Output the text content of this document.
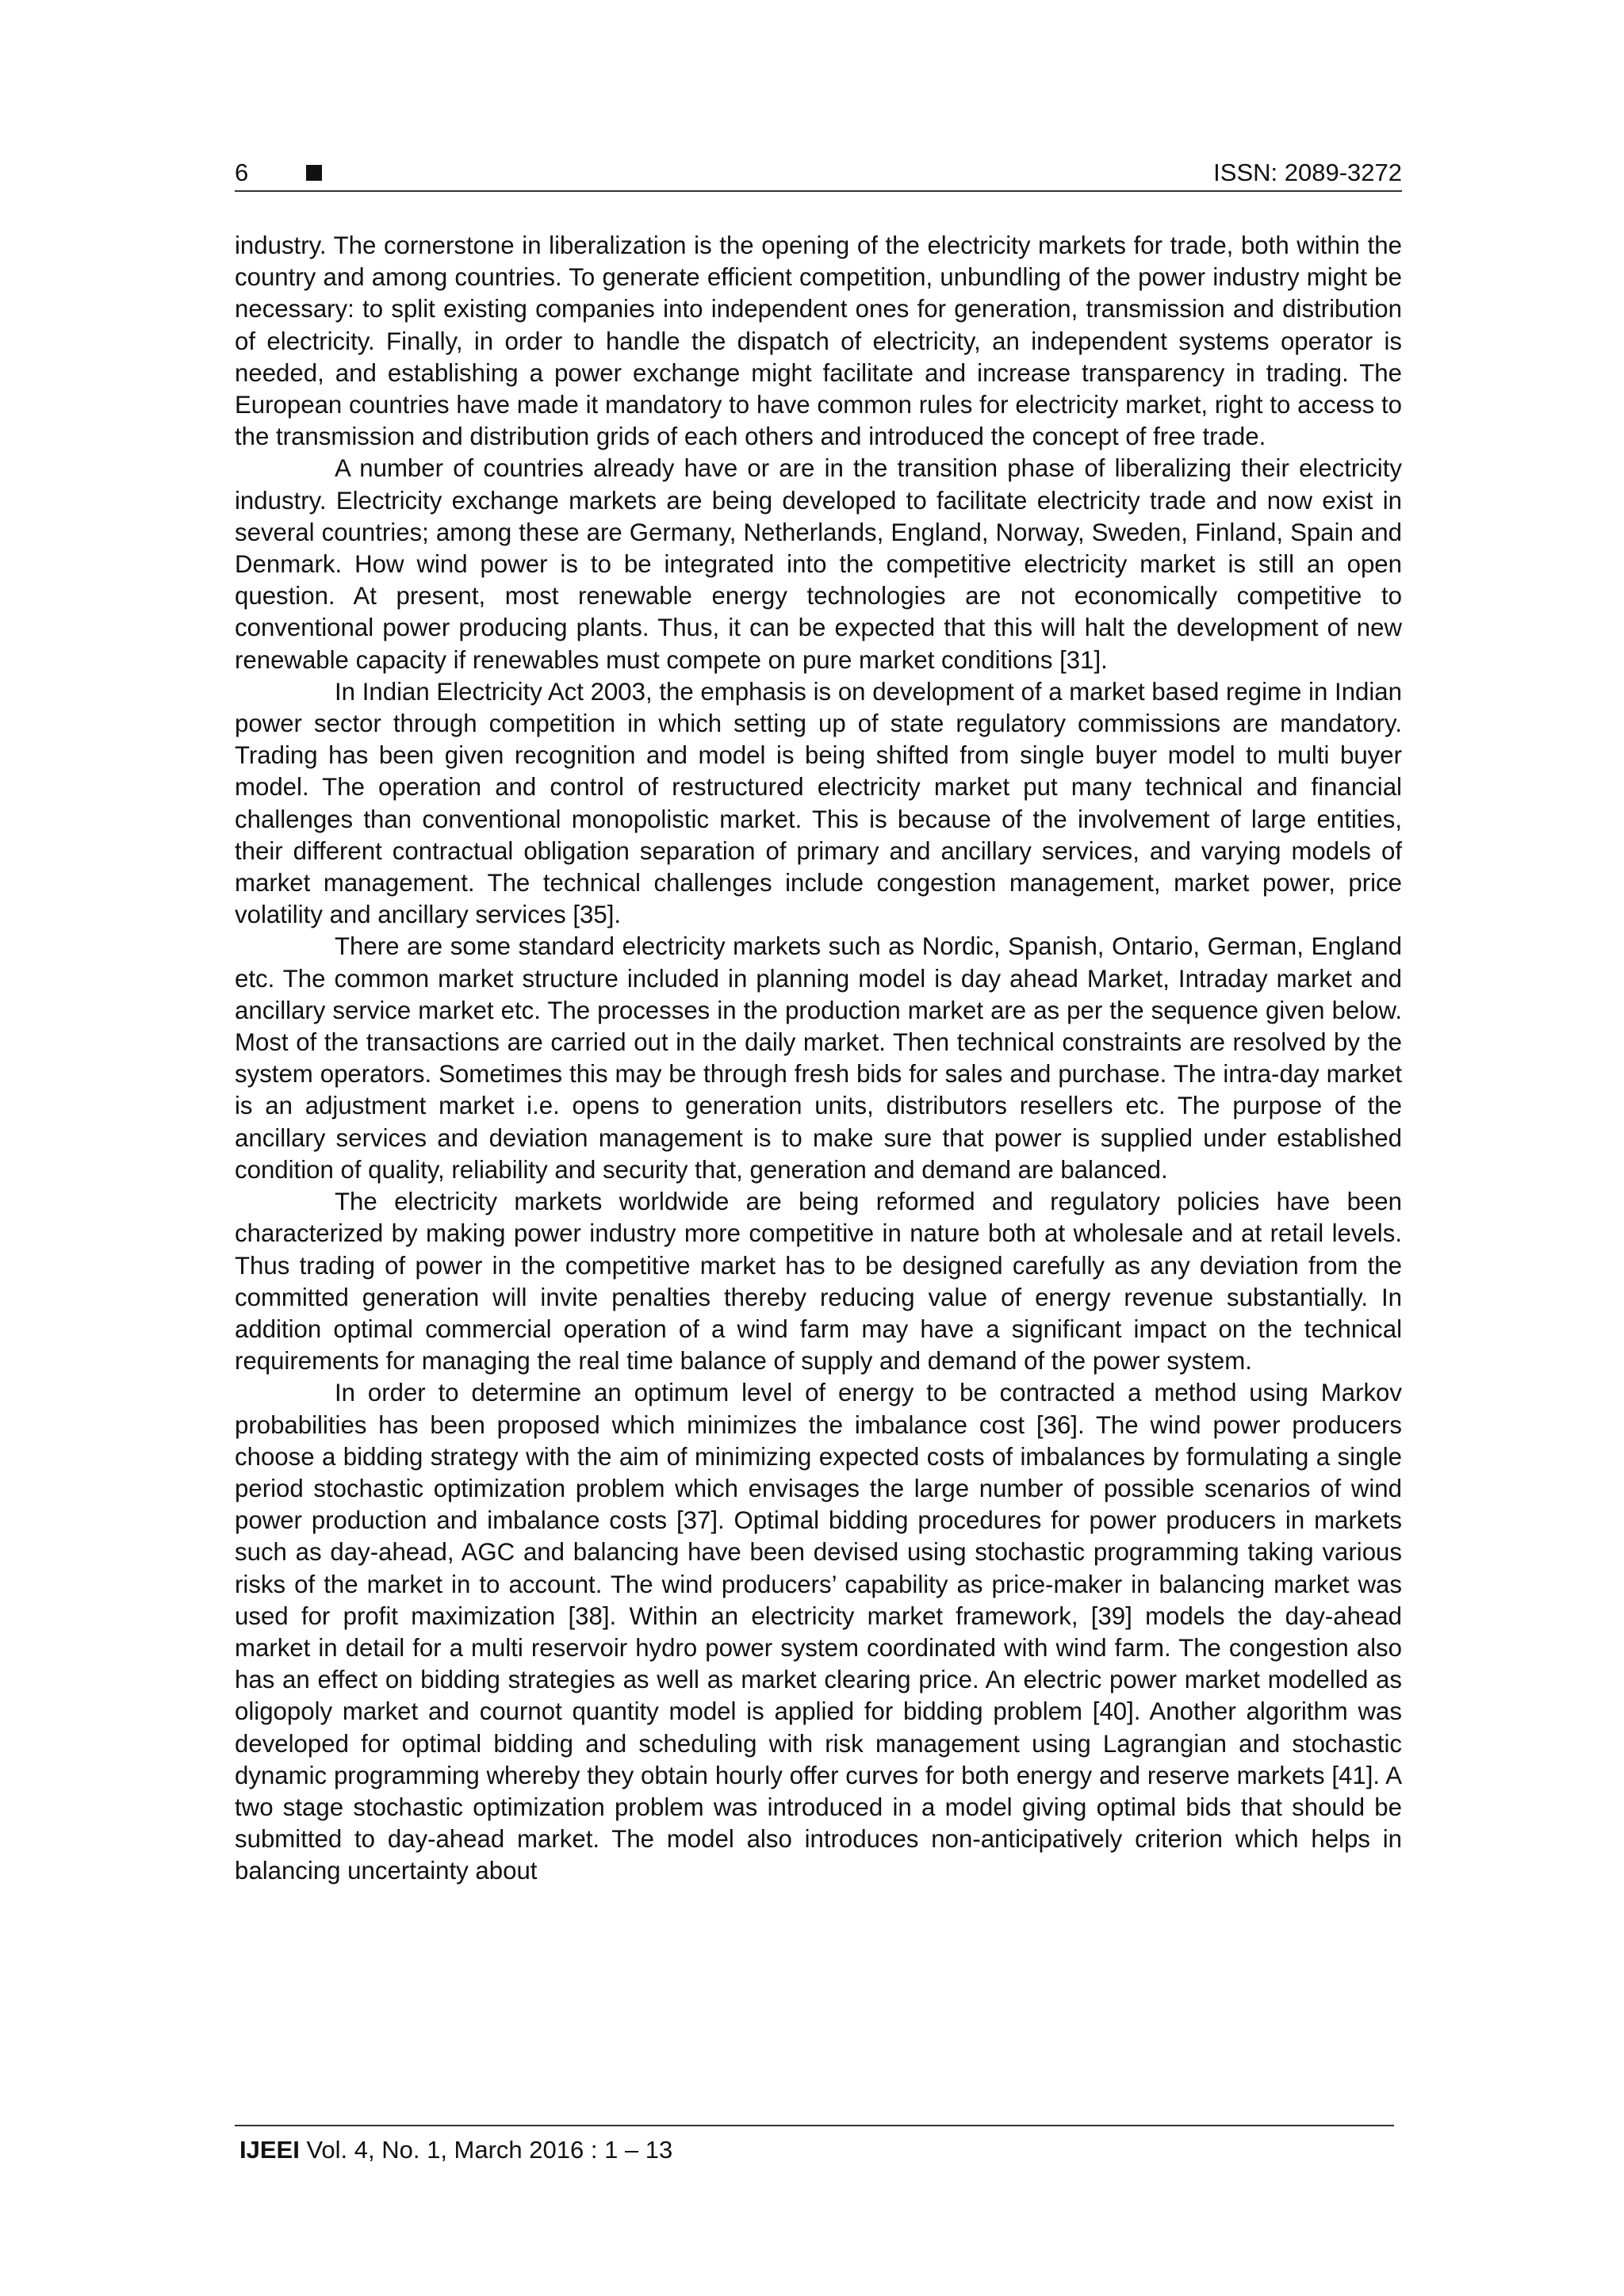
6	ISSN: 2089-3272

industry. The cornerstone in liberalization is the opening of the electricity markets for trade, both within the country and among countries. To generate efficient competition, unbundling of the power industry might be necessary: to split existing companies into independent ones for generation, transmission and distribution of electricity. Finally, in order to handle the dispatch of electricity, an independent systems operator is needed, and establishing a power exchange might facilitate and increase transparency in trading. The European countries have made it mandatory to have common rules for electricity market, right to access to the transmission and distribution grids of each others and introduced the concept of free trade.

A number of countries already have or are in the transition phase of liberalizing their electricity industry. Electricity exchange markets are being developed to facilitate electricity trade and now exist in several countries; among these are Germany, Netherlands, England, Norway, Sweden, Finland, Spain and Denmark. How wind power is to be integrated into the competitive electricity market is still an open question. At present, most renewable energy technologies are not economically competitive to conventional power producing plants. Thus, it can be expected that this will halt the development of new renewable capacity if renewables must compete on pure market conditions [31].

In Indian Electricity Act 2003, the emphasis is on development of a market based regime in Indian power sector through competition in which setting up of state regulatory commissions are mandatory. Trading has been given recognition and model is being shifted from single buyer model to multi buyer model. The operation and control of restructured electricity market put many technical and financial challenges than conventional monopolistic market. This is because of the involvement of large entities, their different contractual obligation separation of primary and ancillary services, and varying models of market management. The technical challenges include congestion management, market power, price volatility and ancillary services [35].

There are some standard electricity markets such as Nordic, Spanish, Ontario, German, England etc. The common market structure included in planning model is day ahead Market, Intraday market and ancillary service market etc. The processes in the production market are as per the sequence given below. Most of the transactions are carried out in the daily market. Then technical constraints are resolved by the system operators. Sometimes this may be through fresh bids for sales and purchase. The intra-day market is an adjustment market i.e. opens to generation units, distributors resellers etc. The purpose of the ancillary services and deviation management is to make sure that power is supplied under established condition of quality, reliability and security that, generation and demand are balanced.

The electricity markets worldwide are being reformed and regulatory policies have been characterized by making power industry more competitive in nature both at wholesale and at retail levels. Thus trading of power in the competitive market has to be designed carefully as any deviation from the committed generation will invite penalties thereby reducing value of energy revenue substantially. In addition optimal commercial operation of a wind farm may have a significant impact on the technical requirements for managing the real time balance of supply and demand of the power system.

In order to determine an optimum level of energy to be contracted a method using Markov probabilities has been proposed which minimizes the imbalance cost [36]. The wind power producers choose a bidding strategy with the aim of minimizing expected costs of imbalances by formulating a single period stochastic optimization problem which envisages the large number of possible scenarios of wind power production and imbalance costs [37]. Optimal bidding procedures for power producers in markets such as day-ahead, AGC and balancing have been devised using stochastic programming taking various risks of the market in to account. The wind producers’ capability as price-maker in balancing market was used for profit maximization [38]. Within an electricity market framework, [39] models the day-ahead market in detail for a multi reservoir hydro power system coordinated with wind farm. The congestion also has an effect on bidding strategies as well as market clearing price. An electric power market modelled as oligopoly market and cournot quantity model is applied for bidding problem [40]. Another algorithm was developed for optimal bidding and scheduling with risk management using Lagrangian and stochastic dynamic programming whereby they obtain hourly offer curves for both energy and reserve markets [41]. A two stage stochastic optimization problem was introduced in a model giving optimal bids that should be submitted to day-ahead market. The model also introduces non-anticipatively criterion which helps in balancing uncertainty about

IJEEI Vol. 4, No. 1, March 2016 : 1 – 13
